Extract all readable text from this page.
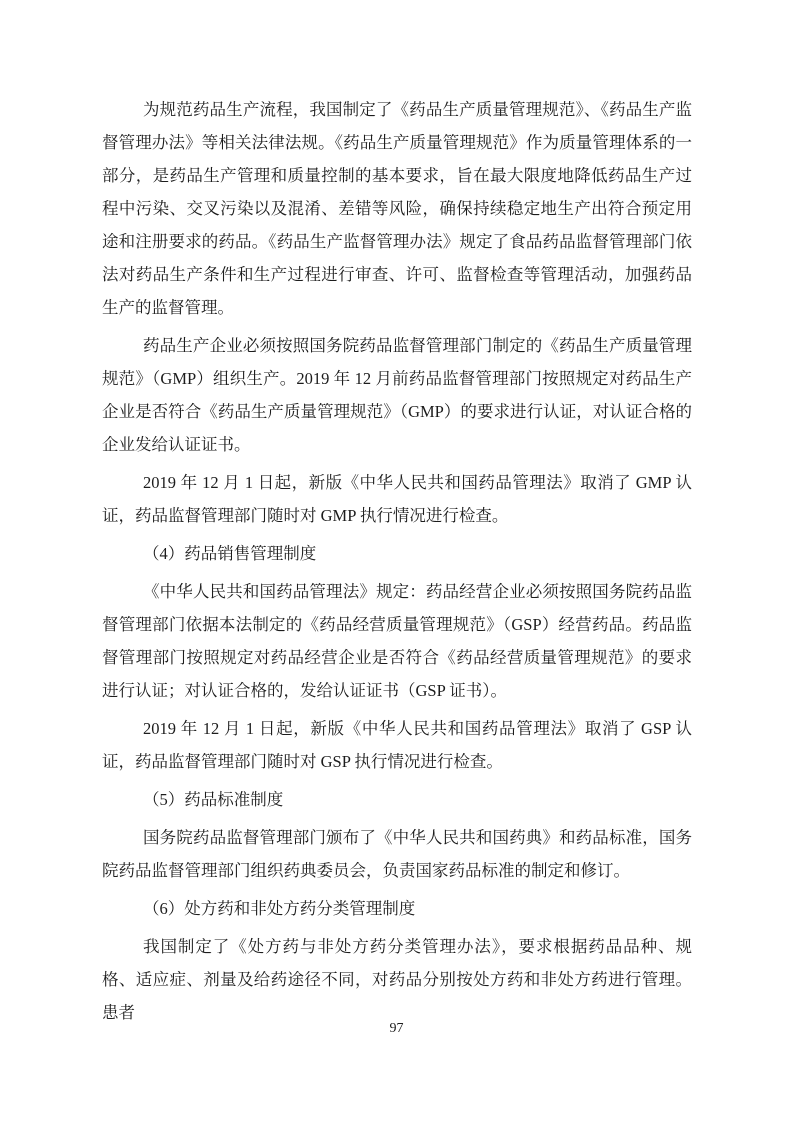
为规范药品生产流程，我国制定了《药品生产质量管理规范》、《药品生产监督管理办法》等相关法律法规。《药品生产质量管理规范》作为质量管理体系的一部分，是药品生产管理和质量控制的基本要求，旨在最大限度地降低药品生产过程中污染、交叉污染以及混淆、差错等风险，确保持续稳定地生产出符合预定用途和注册要求的药品。《药品生产监督管理办法》规定了食品药品监督管理部门依法对药品生产条件和生产过程进行审查、许可、监督检查等管理活动，加强药品生产的监督管理。

药品生产企业必须按照国务院药品监督管理部门制定的《药品生产质量管理规范》（GMP）组织生产。2019 年 12 月前药品监督管理部门按照规定对药品生产企业是否符合《药品生产质量管理规范》（GMP）的要求进行认证，对认证合格的企业发给认证证书。

2019 年 12 月 1 日起，新版《中华人民共和国药品管理法》取消了 GMP 认证，药品监督管理部门随时对 GMP 执行情况进行检查。

（4）药品销售管理制度

《中华人民共和国药品管理法》规定：药品经营企业必须按照国务院药品监督管理部门依据本法制定的《药品经营质量管理规范》（GSP）经营药品。药品监督管理部门按照规定对药品经营企业是否符合《药品经营质量管理规范》的要求进行认证；对认证合格的，发给认证证书（GSP 证书）。

2019 年 12 月 1 日起，新版《中华人民共和国药品管理法》取消了 GSP 认证，药品监督管理部门随时对 GSP 执行情况进行检查。

（5）药品标准制度

国务院药品监督管理部门颁布了《中华人民共和国药典》和药品标准，国务院药品监督管理部门组织药典委员会，负责国家药品标准的制定和修订。

（6）处方药和非处方药分类管理制度

我国制定了《处方药与非处方药分类管理办法》，要求根据药品品种、规格、适应症、剂量及给药途径不同，对药品分别按处方药和非处方药进行管理。患者

97
